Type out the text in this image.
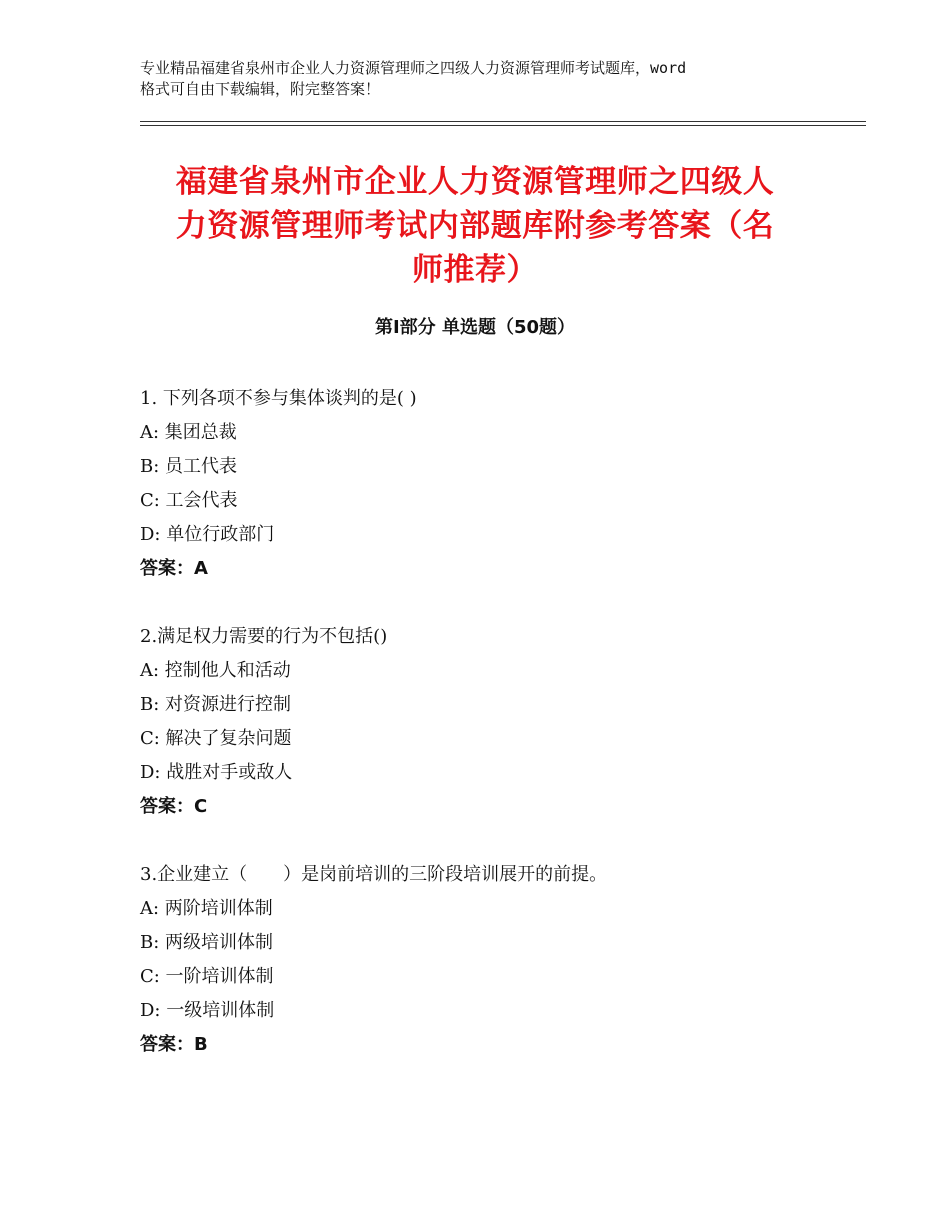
专业精品福建省泉州市企业人力资源管理师之四级人力资源管理师考试题库，word
格式可自由下载编辑，附完整答案！
福建省泉州市企业人力资源管理师之四级人
力资源管理师考试内部题库附参考答案（名
师推荐）
第Ⅰ部分 单选题（50题）
1. 下列各项不参与集体谈判的是( )
A: 集团总裁
B: 员工代表
C: 工会代表
D: 单位行政部门
答案：A
2.满足权力需要的行为不包括()
A: 控制他人和活动
B: 对资源进行控制
C: 解决了复杂问题
D: 战胜对手或敌人
答案：C
3.企业建立（　　）是岗前培训的三阶段培训展开的前提。
A: 两阶培训体制
B: 两级培训体制
C: 一阶培训体制
D: 一级培训体制
答案：B
